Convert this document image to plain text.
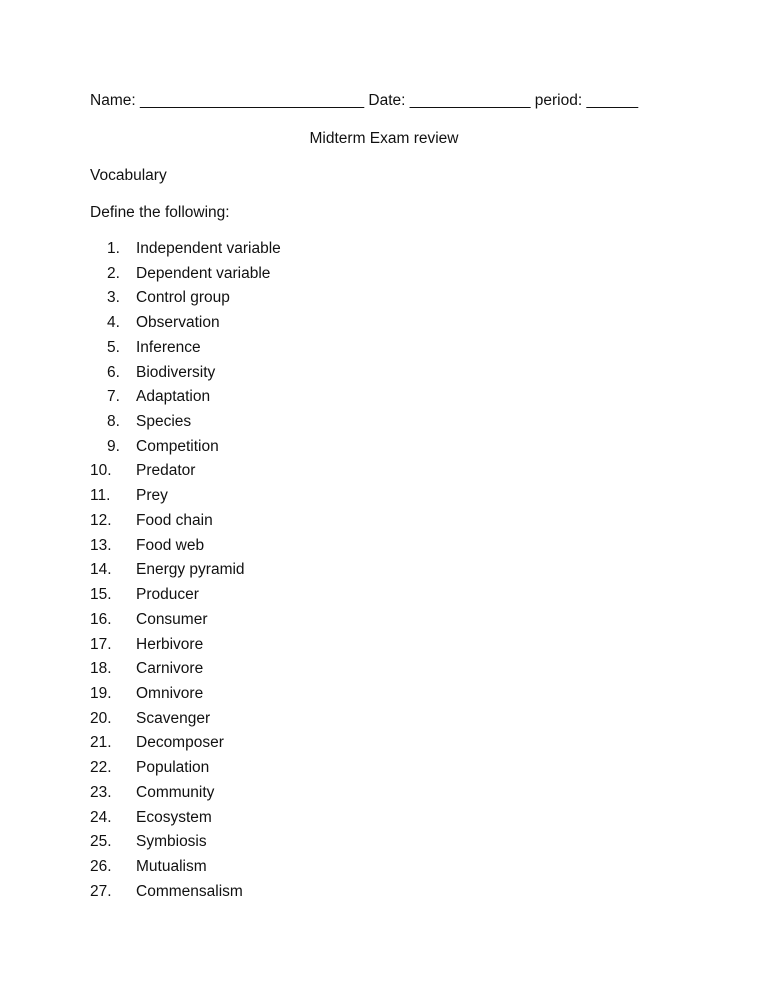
Name: __________________________ Date: ______________ period: ______
Midterm Exam review
Vocabulary
Define the following:
1.	Independent variable
2.	Dependent variable
3.	Control group
4.	Observation
5.	Inference
6.	Biodiversity
7.	Adaptation
8.	Species
9.	Competition
10.	Predator
11.	Prey
12.	Food chain
13.	Food web
14.	Energy pyramid
15.	Producer
16.	Consumer
17.	Herbivore
18.	Carnivore
19.	Omnivore
20.	Scavenger
21.	Decomposer
22.	Population
23.	Community
24.	Ecosystem
25.	Symbiosis
26.	Mutualism
27.	Commensalism
